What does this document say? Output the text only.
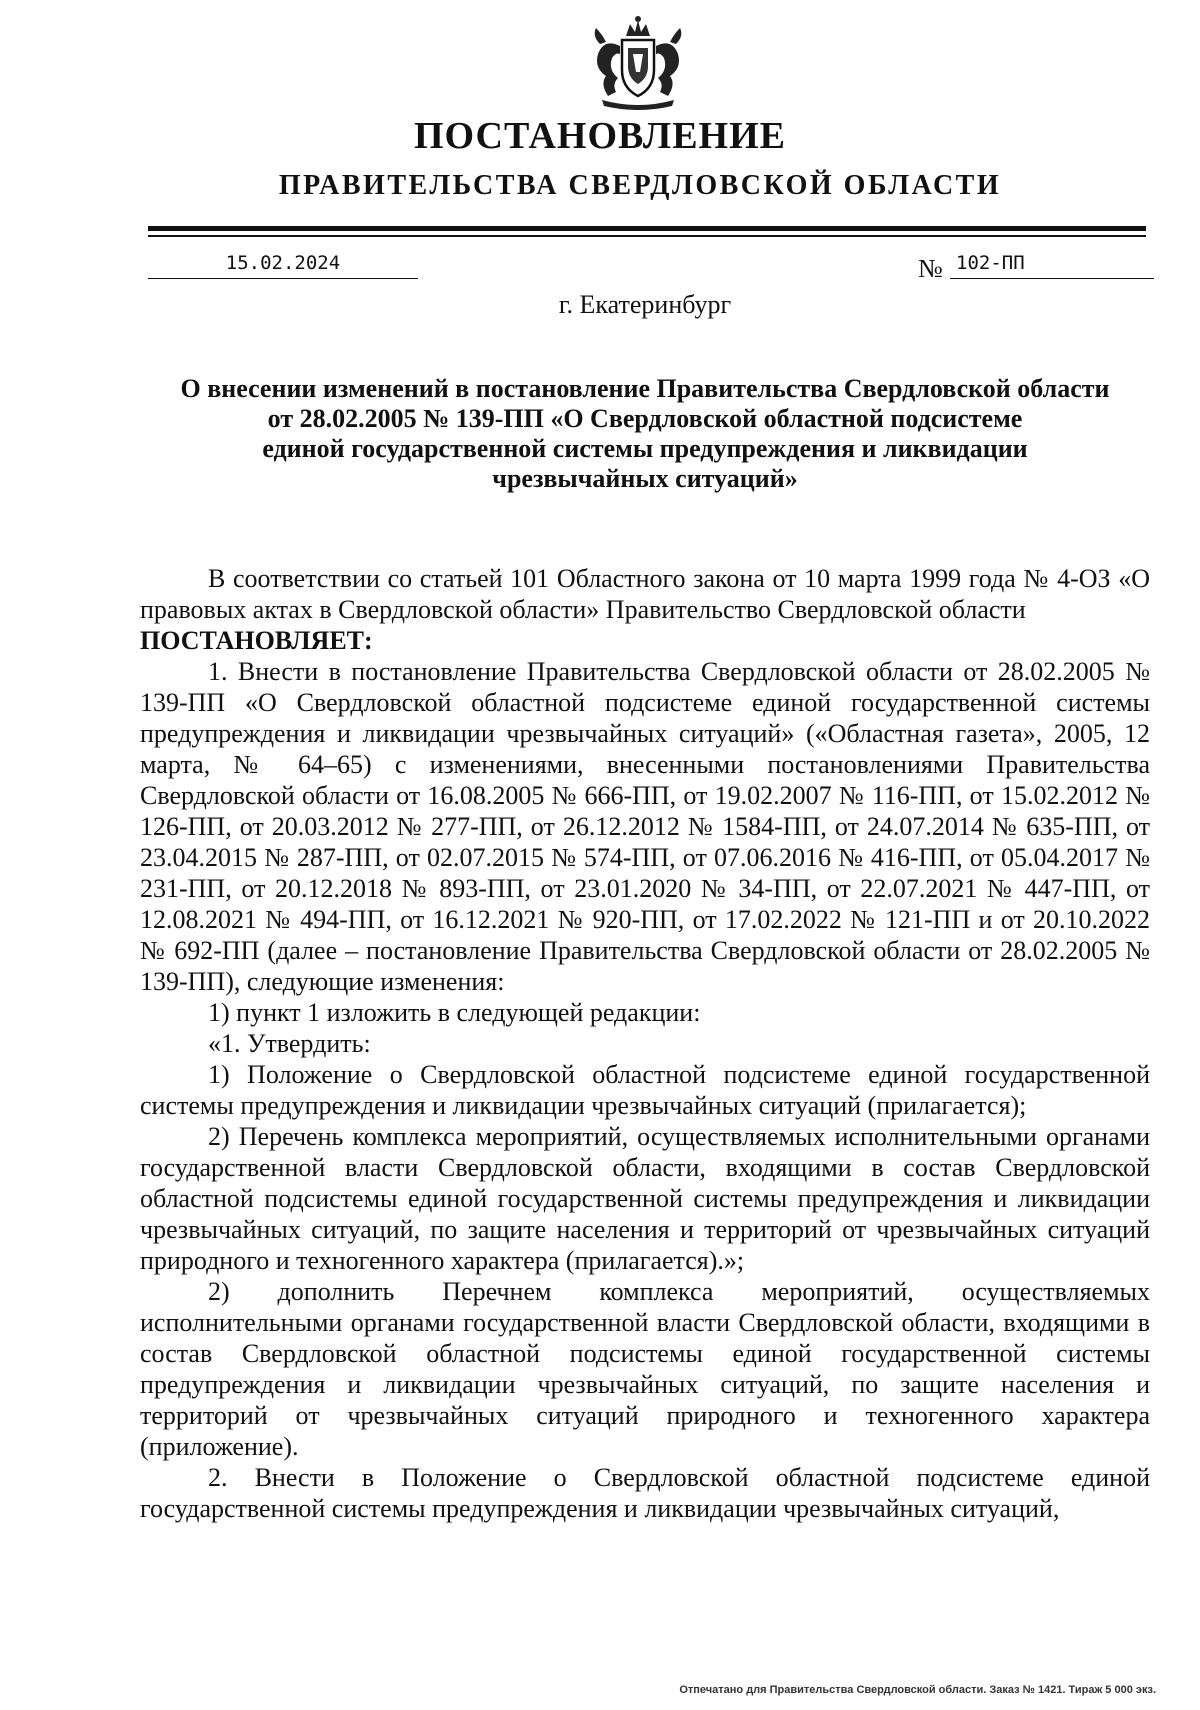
ПОСТАНОВЛЕНИЕ
ПРАВИТЕЛЬСТВА СВЕРДЛОВСКОЙ ОБЛАСТИ
15.02.2024	№ 102-ПП
г. Екатеринбург
О внесении изменений в постановление Правительства Свердловской области
от 28.02.2005 № 139-ПП «О Свердловской областной подсистеме
единой государственной системы предупреждения и ликвидации
чрезвычайных ситуаций»

В соответствии со статьей 101 Областного закона от 10 марта 1999 года № 4-ОЗ «О правовых актах в Свердловской области» Правительство Свердловской области

ПОСТАНОВЛЯЕТ:

1. Внести в постановление Правительства Свердловской области от 28.02.2005 № 139-ПП «О Свердловской областной подсистеме единой государственной системы предупреждения и ликвидации чрезвычайных ситуаций» («Областная газета», 2005, 12 марта, № 64–65) с изменениями, внесенными постановлениями Правительства Свердловской области от 16.08.2005 № 666-ПП, от 19.02.2007 № 116-ПП, от 15.02.2012 № 126-ПП, от 20.03.2012 № 277-ПП, от 26.12.2012 № 1584-ПП, от 24.07.2014 № 635-ПП, от 23.04.2015 № 287-ПП, от 02.07.2015 № 574-ПП, от 07.06.2016 № 416-ПП, от 05.04.2017 № 231-ПП, от 20.12.2018 № 893-ПП, от 23.01.2020 № 34-ПП, от 22.07.2021 № 447-ПП, от 12.08.2021 № 494-ПП, от 16.12.2021 № 920-ПП, от 17.02.2022 № 121-ПП и от 20.10.2022 № 692-ПП (далее – постановление Правительства Свердловской области от 28.02.2005 № 139-ПП), следующие изменения:

1) пункт 1 изложить в следующей редакции:

«1. Утвердить:

1) Положение о Свердловской областной подсистеме единой государственной системы предупреждения и ликвидации чрезвычайных ситуаций (прилагается);

2) Перечень комплекса мероприятий, осуществляемых исполнительными органами государственной власти Свердловской области, входящими в состав Свердловской областной подсистемы единой государственной системы предупреждения и ликвидации чрезвычайных ситуаций, по защите населения и территорий от чрезвычайных ситуаций природного и техногенного характера (прилагается).»;

2) дополнить Перечнем комплекса мероприятий, осуществляемых исполнительными органами государственной власти Свердловской области, входящими в состав Свердловской областной подсистемы единой государственной системы предупреждения и ликвидации чрезвычайных ситуаций, по защите населения и территорий от чрезвычайных ситуаций природного и техногенного характера (приложение).

2. Внести в Положение о Свердловской областной подсистеме единой государственной системы предупреждения и ликвидации чрезвычайных ситуаций,

Отпечатано для Правительства Свердловской области. Заказ № 1421. Тираж 5 000 экз.
